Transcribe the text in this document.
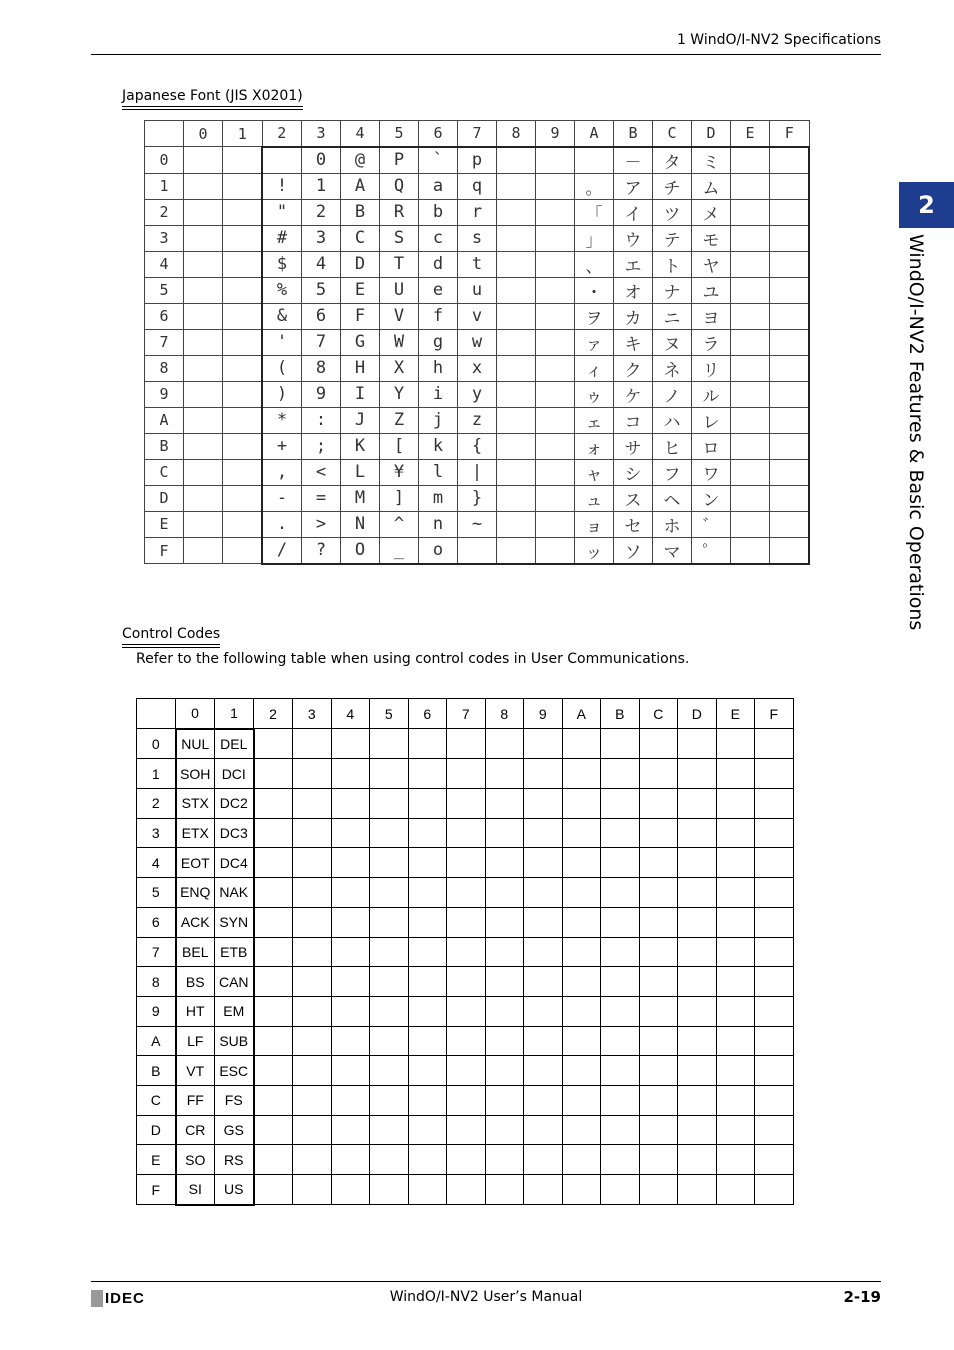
1 WindO/I-NV2 Specifications
2
WindO/I-NV2 Features & Basic Operations
Japanese Font (JIS X0201)
	0	1	2	3	4	5	6	7	8	9	A	B	C	D	E	F
0				0	@	P	`	p				－	タ	ミ		
1			!	1	A	Q	a	q			。	ア	チ	ム		
2			"	2	B	R	b	r			「	イ	ツ	メ		
3			#	3	C	S	c	s			」	ウ	テ	モ		
4			$	4	D	T	d	t			、	エ	ト	ヤ		
5			%	5	E	U	e	u			・	オ	ナ	ユ		
6			&	6	F	V	f	v			ヲ	カ	ニ	ヨ		
7			'	7	G	W	g	w			ァ	キ	ヌ	ラ		
8			(	8	H	X	h	x			ィ	ク	ネ	リ		
9			)	9	I	Y	i	y			ゥ	ケ	ノ	ル		
A			*	:	J	Z	j	z			ェ	コ	ハ	レ		
B			+	;	K	[	k	{			ォ	サ	ヒ	ロ		
C			,	<	L	¥	l	|			ャ	シ	フ	ワ		
D			-	=	M	]	m	}			ュ	ス	ヘ	ン		
E			.	>	N	^	n	~			ョ	セ	ホ	゛		
F			/	?	O	_	o				ッ	ソ	マ	゜		
Control Codes
Refer to the following table when using control codes in User Communications.
	0	1	2	3	4	5	6	7	8	9	A	B	C	D	E	F
0	NUL	DEL														
1	SOH	DCI														
2	STX	DC2														
3	ETX	DC3														
4	EOT	DC4														
5	ENQ	NAK														
6	ACK	SYN														
7	BEL	ETB														
8	BS	CAN														
9	HT	EM														
A	LF	SUB														
B	VT	ESC														
C	FF	FS														
D	CR	GS														
E	SO	RS														
F	SI	US														
IDEC	WindO/I-NV2 User’s Manual	2-19
